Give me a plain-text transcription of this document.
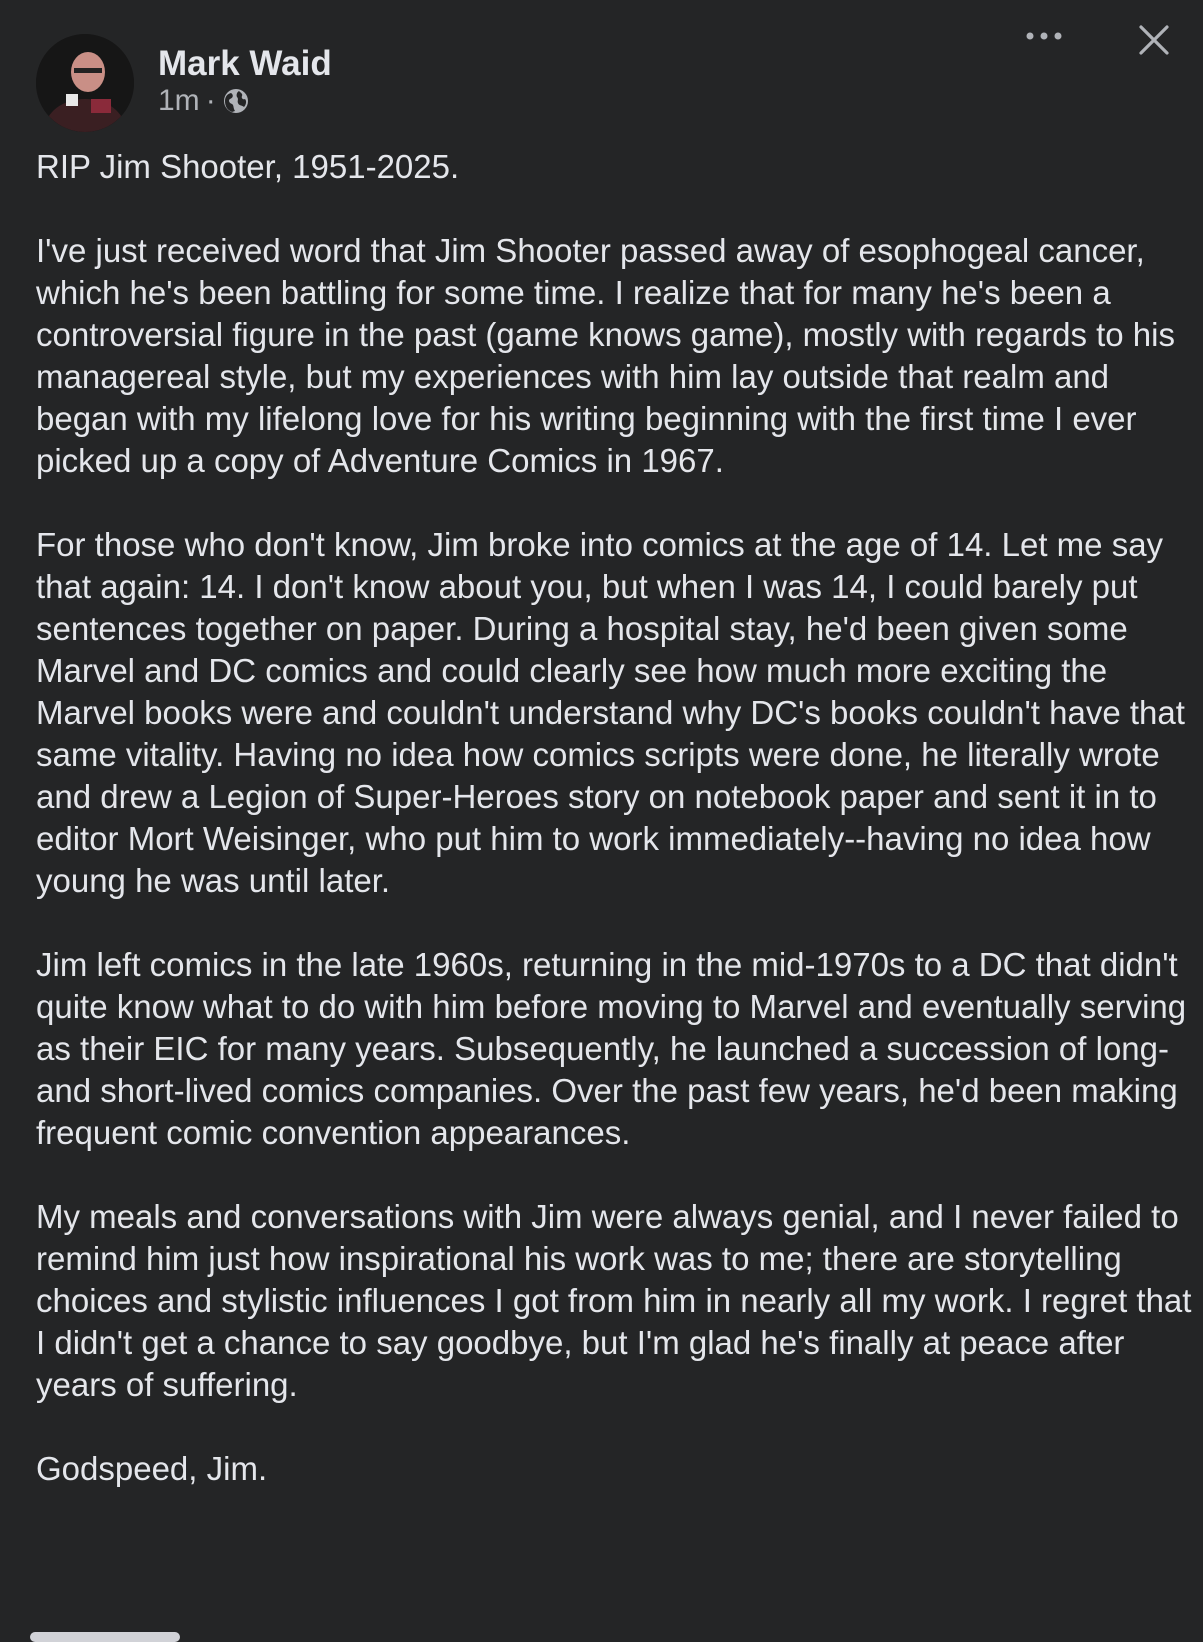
Mark Waid
1m ·

RIP Jim Shooter, 1951-2025.

I've just received word that Jim Shooter passed away of esophogeal cancer, which he's been battling for some time. I realize that for many he's been a controversial figure in the past (game knows game), mostly with regards to his managereal style, but my experiences with him lay outside that realm and began with my lifelong love for his writing beginning with the first time I ever picked up a copy of Adventure Comics in 1967.

For those who don't know, Jim broke into comics at the age of 14. Let me say that again: 14. I don't know about you, but when I was 14, I could barely put sentences together on paper. During a hospital stay, he'd been given some Marvel and DC comics and could clearly see how much more exciting the Marvel books were and couldn't understand why DC's books couldn't have that same vitality. Having no idea how comics scripts were done, he literally wrote and drew a Legion of Super-Heroes story on notebook paper and sent it in to editor Mort Weisinger, who put him to work immediately--having no idea how young he was until later.

Jim left comics in the late 1960s, returning in the mid-1970s to a DC that didn't quite know what to do with him before moving to Marvel and eventually serving as their EIC for many years. Subsequently, he launched a succession of long- and short-lived comics companies. Over the past few years, he'd been making frequent comic convention appearances.

My meals and conversations with Jim were always genial, and I never failed to remind him just how inspirational his work was to me; there are storytelling choices and stylistic influences I got from him in nearly all my work. I regret that I didn't get a chance to say goodbye, but I'm glad he's finally at peace after years of suffering.

Godspeed, Jim.
